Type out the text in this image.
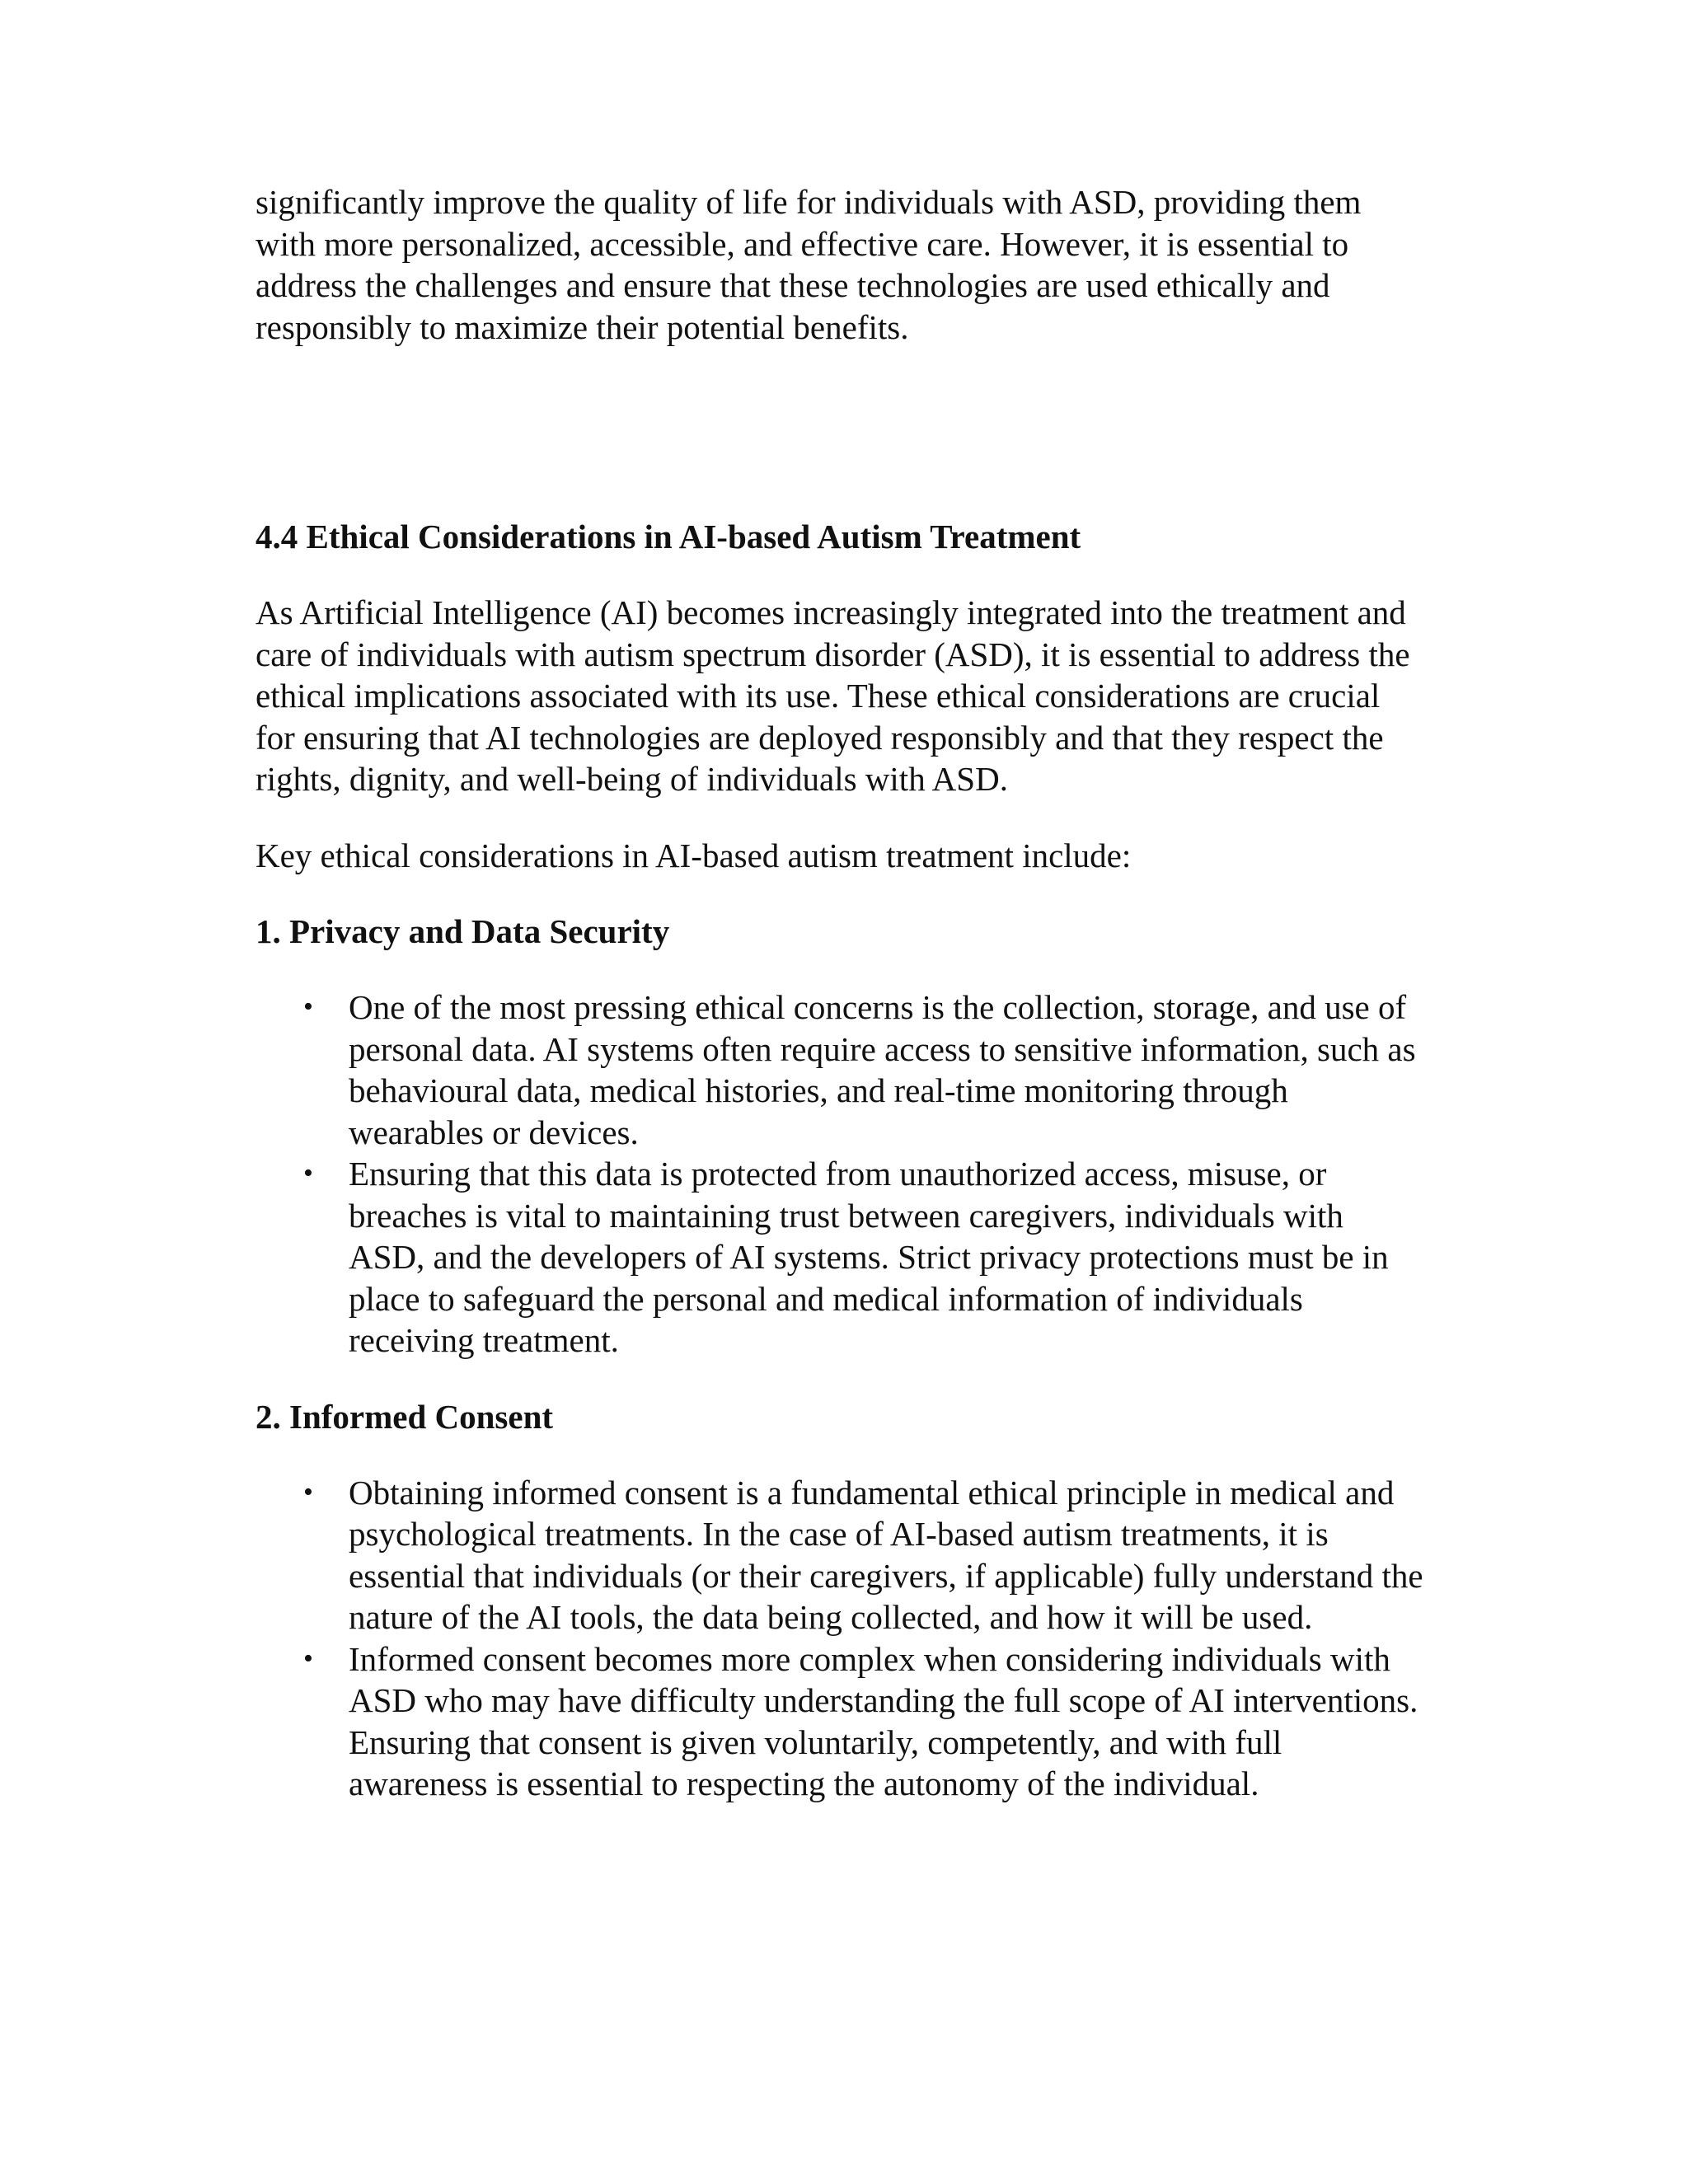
significantly improve the quality of life for individuals with ASD, providing them with more personalized, accessible, and effective care. However, it is essential to address the challenges and ensure that these technologies are used ethically and responsibly to maximize their potential benefits.

4.4 Ethical Considerations in AI-based Autism Treatment

As Artificial Intelligence (AI) becomes increasingly integrated into the treatment and care of individuals with autism spectrum disorder (ASD), it is essential to address the ethical implications associated with its use. These ethical considerations are crucial for ensuring that AI technologies are deployed responsibly and that they respect the rights, dignity, and well-being of individuals with ASD.

Key ethical considerations in AI-based autism treatment include:

1. Privacy and Data Security
•	One of the most pressing ethical concerns is the collection, storage, and use of personal data. AI systems often require access to sensitive information, such as behavioural data, medical histories, and real-time monitoring through wearables or devices.
•	Ensuring that this data is protected from unauthorized access, misuse, or breaches is vital to maintaining trust between caregivers, individuals with ASD, and the developers of AI systems. Strict privacy protections must be in place to safeguard the personal and medical information of individuals receiving treatment.
2. Informed Consent
•	Obtaining informed consent is a fundamental ethical principle in medical and psychological treatments. In the case of AI-based autism treatments, it is essential that individuals (or their caregivers, if applicable) fully understand the nature of the AI tools, the data being collected, and how it will be used.
•	Informed consent becomes more complex when considering individuals with ASD who may have difficulty understanding the full scope of AI interventions. Ensuring that consent is given voluntarily, competently, and with full awareness is essential to respecting the autonomy of the individual.
